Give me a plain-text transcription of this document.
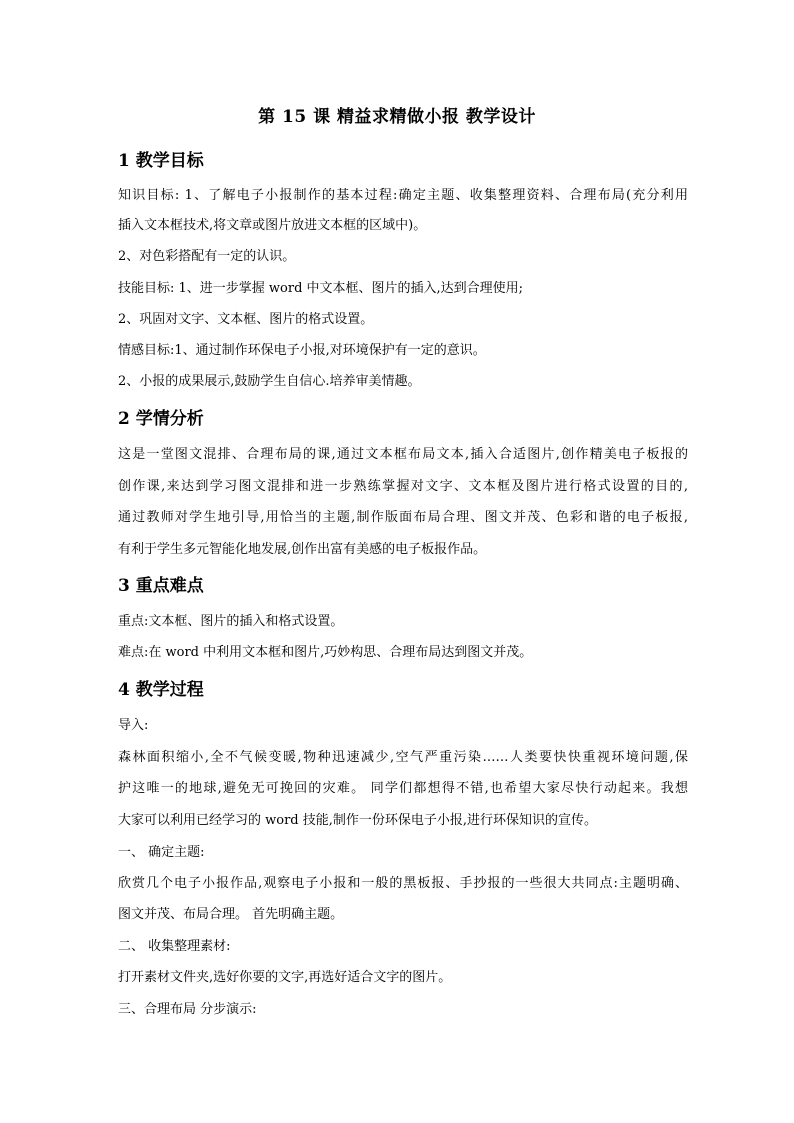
第 15 课 精益求精做小报 教学设计
1 教学目标
知识目标: 1、了解电子小报制作的基本过程:确定主题、收集整理资料、合理布局(充分利用
插入文本框技术,将文章或图片放进文本框的区域中)。
2、对色彩搭配有一定的认识。
技能目标: 1、进一步掌握 word 中文本框、图片的插入,达到合理使用;
2、巩固对文字、文本框、图片的格式设置。
情感目标:1、通过制作环保电子小报,对环境保护有一定的意识。
2、小报的成果展示,鼓励学生自信心.培养审美情趣。
2 学情分析
这是一堂图文混排、合理布局的课,通过文本框布局文本,插入合适图片,创作精美电子板报的
创作课,来达到学习图文混排和进一步熟练掌握对文字、文本框及图片进行格式设置的目的,
通过教师对学生地引导,用恰当的主题,制作版面布局合理、图文并茂、色彩和谐的电子板报,
有利于学生多元智能化地发展,创作出富有美感的电子板报作品。
3 重点难点
重点:文本框、图片的插入和格式设置。
难点:在 word 中利用文本框和图片,巧妙构思、合理布局达到图文并茂。
4 教学过程
导入:
森林面积缩小,全不气候变暖,物种迅速减少,空气严重污染……人类要快快重视环境问题,保
护这唯一的地球,避免无可挽回的灾难。 同学们都想得不错,也希望大家尽快行动起来。我想
大家可以利用已经学习的 word 技能,制作一份环保电子小报,进行环保知识的宣传。
一、 确定主题:
欣赏几个电子小报作品,观察电子小报和一般的黑板报、手抄报的一些很大共同点:主题明确、
图文并茂、布局合理。 首先明确主题。
二、 收集整理素材:
打开素材文件夹,选好你要的文字,再选好适合文字的图片。
三、合理布局 分步演示:
